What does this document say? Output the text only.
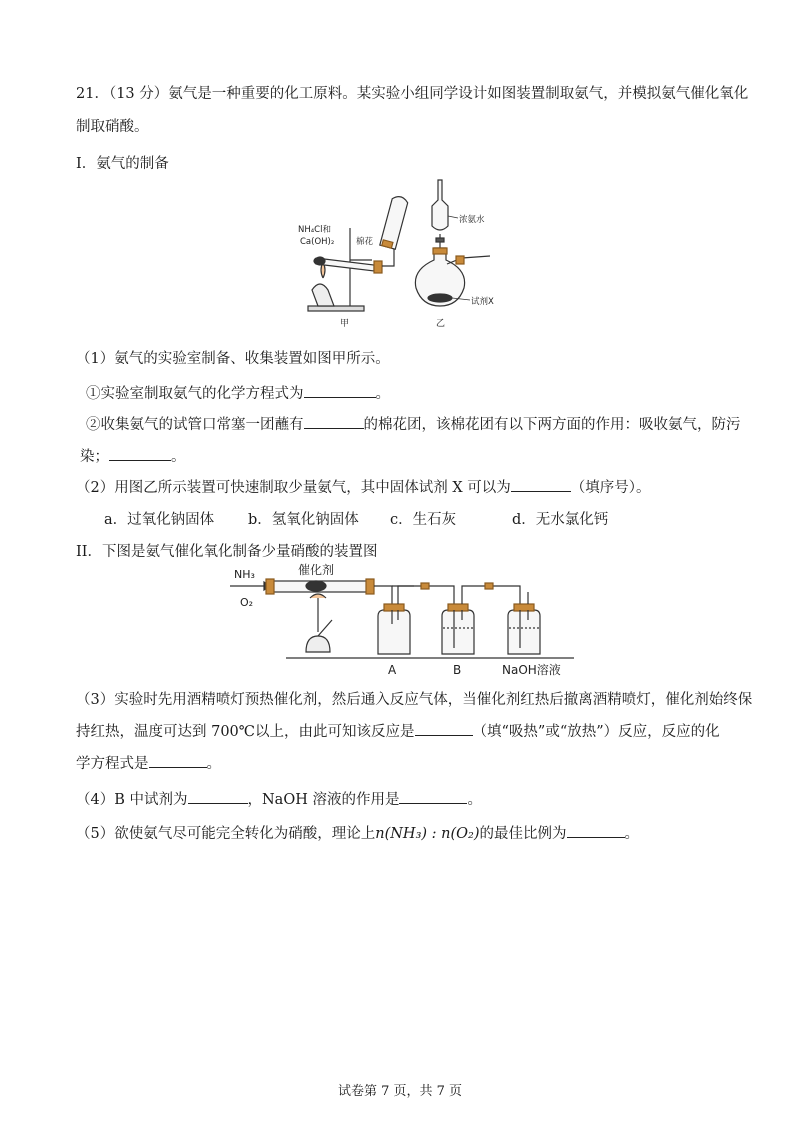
21．（13 分）氨气是一种重要的化工原料。某实验小组同学设计如图装置制取氨气，并模拟氨气催化氧化
制取硝酸。
I．氨气的制备
NH₄Cl和
Ca(OH)₂	棉花
甲
浓氨水
试剂X
乙
（1）氨气的实验室制备、收集装置如图甲所示。
①实验室制取氨气的化学方程式为	。
②收集氨气的试管口常塞一团蘸有	的棉花团，该棉花团有以下两方面的作用：吸收氨气，防污
染；	。
（2）用图乙所示装置可快速制取少量氨气，其中固体试剂 X 可以为	（填序号）。
a．过氧化钠固体 b．氢氧化钠固体 c．生石灰	d．无水氯化钙
II．下图是氨气催化氧化制备少量硝酸的装置图
NH₃
O₂
催化剂
A	B	NaOH溶液
（3）实验时先用酒精喷灯预热催化剂，然后通入反应气体，当催化剂红热后撤离酒精喷灯，催化剂始终保
持红热，温度可达到 700℃以上，由此可知该反应是	（填“吸热”或“放热”）反应，反应的化
学方程式是	。
（4）B 中试剂为	，NaOH 溶液的作用是	。
（5）欲使氨气尽可能完全转化为硝酸，理论上n(NH₃) : n(O₂)的最佳比例为	。
试卷第 7 页，共 7 页
